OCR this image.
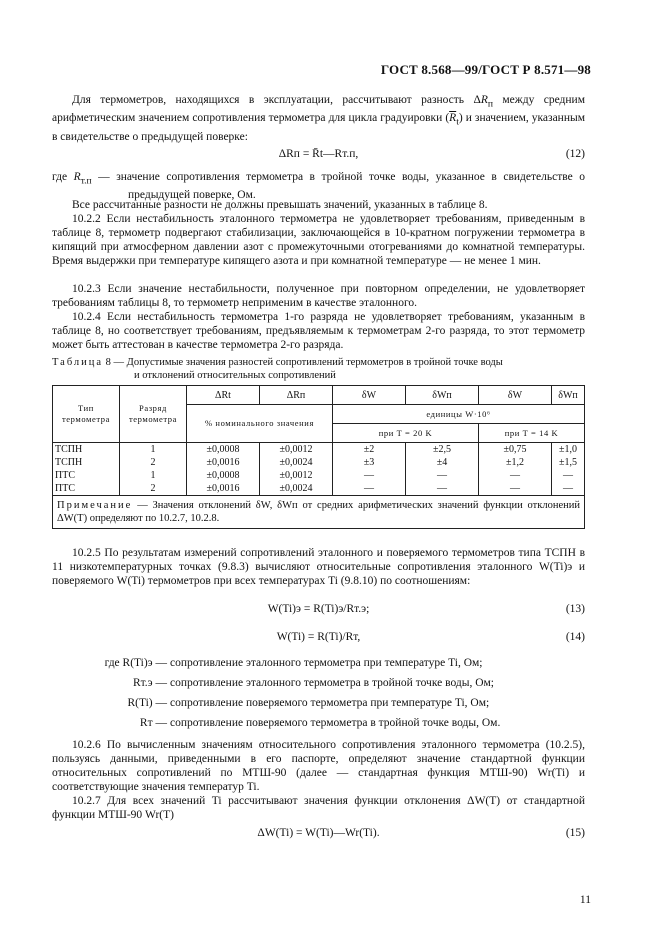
ГОСТ 8.568—99/ГОСТ Р 8.571—98
Для термометров, находящихся в эксплуатации, рассчитывают разность $\Delta R_п$ между средним арифметическим значением сопротивления термометра для цикла градуировки $(\overline{R}_t)$ и значением, указанным в свидетельстве о предыдущей поверке:
ΔRп = R̄t—Rт.п,	(12)
где $R_{т.п}$ — значение сопротивления термометра в тройной точке воды, указанное в свидетельстве о предыдущей поверке, Ом.
Все рассчитанные разности не должны превышать значений, указанных в таблице 8.
10.2.2 Если нестабильность эталонного термометра не удовлетворяет требованиям, приведенным в таблице 8, термометр подвергают стабилизации, заключающейся в 10-кратном погружении термометра в кипящий при атмосферном давлении азот с промежуточными отогреваниями до комнатной температуры. Время выдержки при температуре кипящего азота и при комнатной температуре — не менее 1 мин.
10.2.3 Если значение нестабильности, полученное при повторном определении, не удовлетворяет требованиям таблицы 8, то термометр неприменим в качестве эталонного.
10.2.4 Если нестабильность термометра 1-го разряда не удовлетворяет требованиям, указанным в таблице 8, но соответствует требованиям, предъявляемым к термометрам 2-го разряда, то этот термометр может быть аттестован в качестве термометра 2-го разряда.
Таблица 8 — Допустимые значения разностей сопротивлений термометров в тройной точке воды
и отклонений относительных сопротивлений
Тип термометра	Разряд термометра	ΔRt	ΔRп	δW	δWп	δW	δWп
		% номинального значения		единицы W·10⁶			
				при T = 20 K		при T = 14 K	
ТСПН	1	±0,0008	±0,0012	±2	±2,5	±0,75	±1,0
ТСПН	2	±0,0016	±0,0024	±3	±4	±1,2	±1,5
ПТС	1	±0,0008	±0,0012	—	—	—	—
ПТС	2	±0,0016	±0,0024	—	—	—	—
Примечание — Значения отклонений δW, δWп от средних арифметических значений функции отклонений ΔW(T) определяют по 10.2.7, 10.2.8.							
10.2.5 По результатам измерений сопротивлений эталонного и поверяемого термометров типа ТСПН в 11 низкотемпературных точках (9.8.3) вычисляют относительные сопротивления эталонного W(Ti)э и поверяемого W(Ti) термометров при всех температурах Ti (9.8.10) по соотношениям:
W(Ti)э = R(Ti)э/Rт.э;	(13)
W(Ti) = R(Ti)/Rт,	(14)
где R(Ti)э — сопротивление эталонного термометра при температуре Ti, Ом;
Rт.э — сопротивление эталонного термометра в тройной точке воды, Ом;
R(Ti) — сопротивление поверяемого термометра при температуре Ti, Ом;
Rт — сопротивление поверяемого термометра в тройной точке воды, Ом.
10.2.6 По вычисленным значениям относительного сопротивления эталонного термометра (10.2.5), пользуясь данными, приведенными в его паспорте, определяют значение стандартной функции относительных сопротивлений по МТШ-90 (далее — стандартная функция МТШ-90) Wr(Ti) и соответствующие значения температур Ti.
10.2.7 Для всех значений Ti рассчитывают значения функции отклонения ΔW(T) от стандартной функции МТШ-90 Wr(T)
ΔW(Ti) = W(Ti)—Wr(Ti).	(15)
11
